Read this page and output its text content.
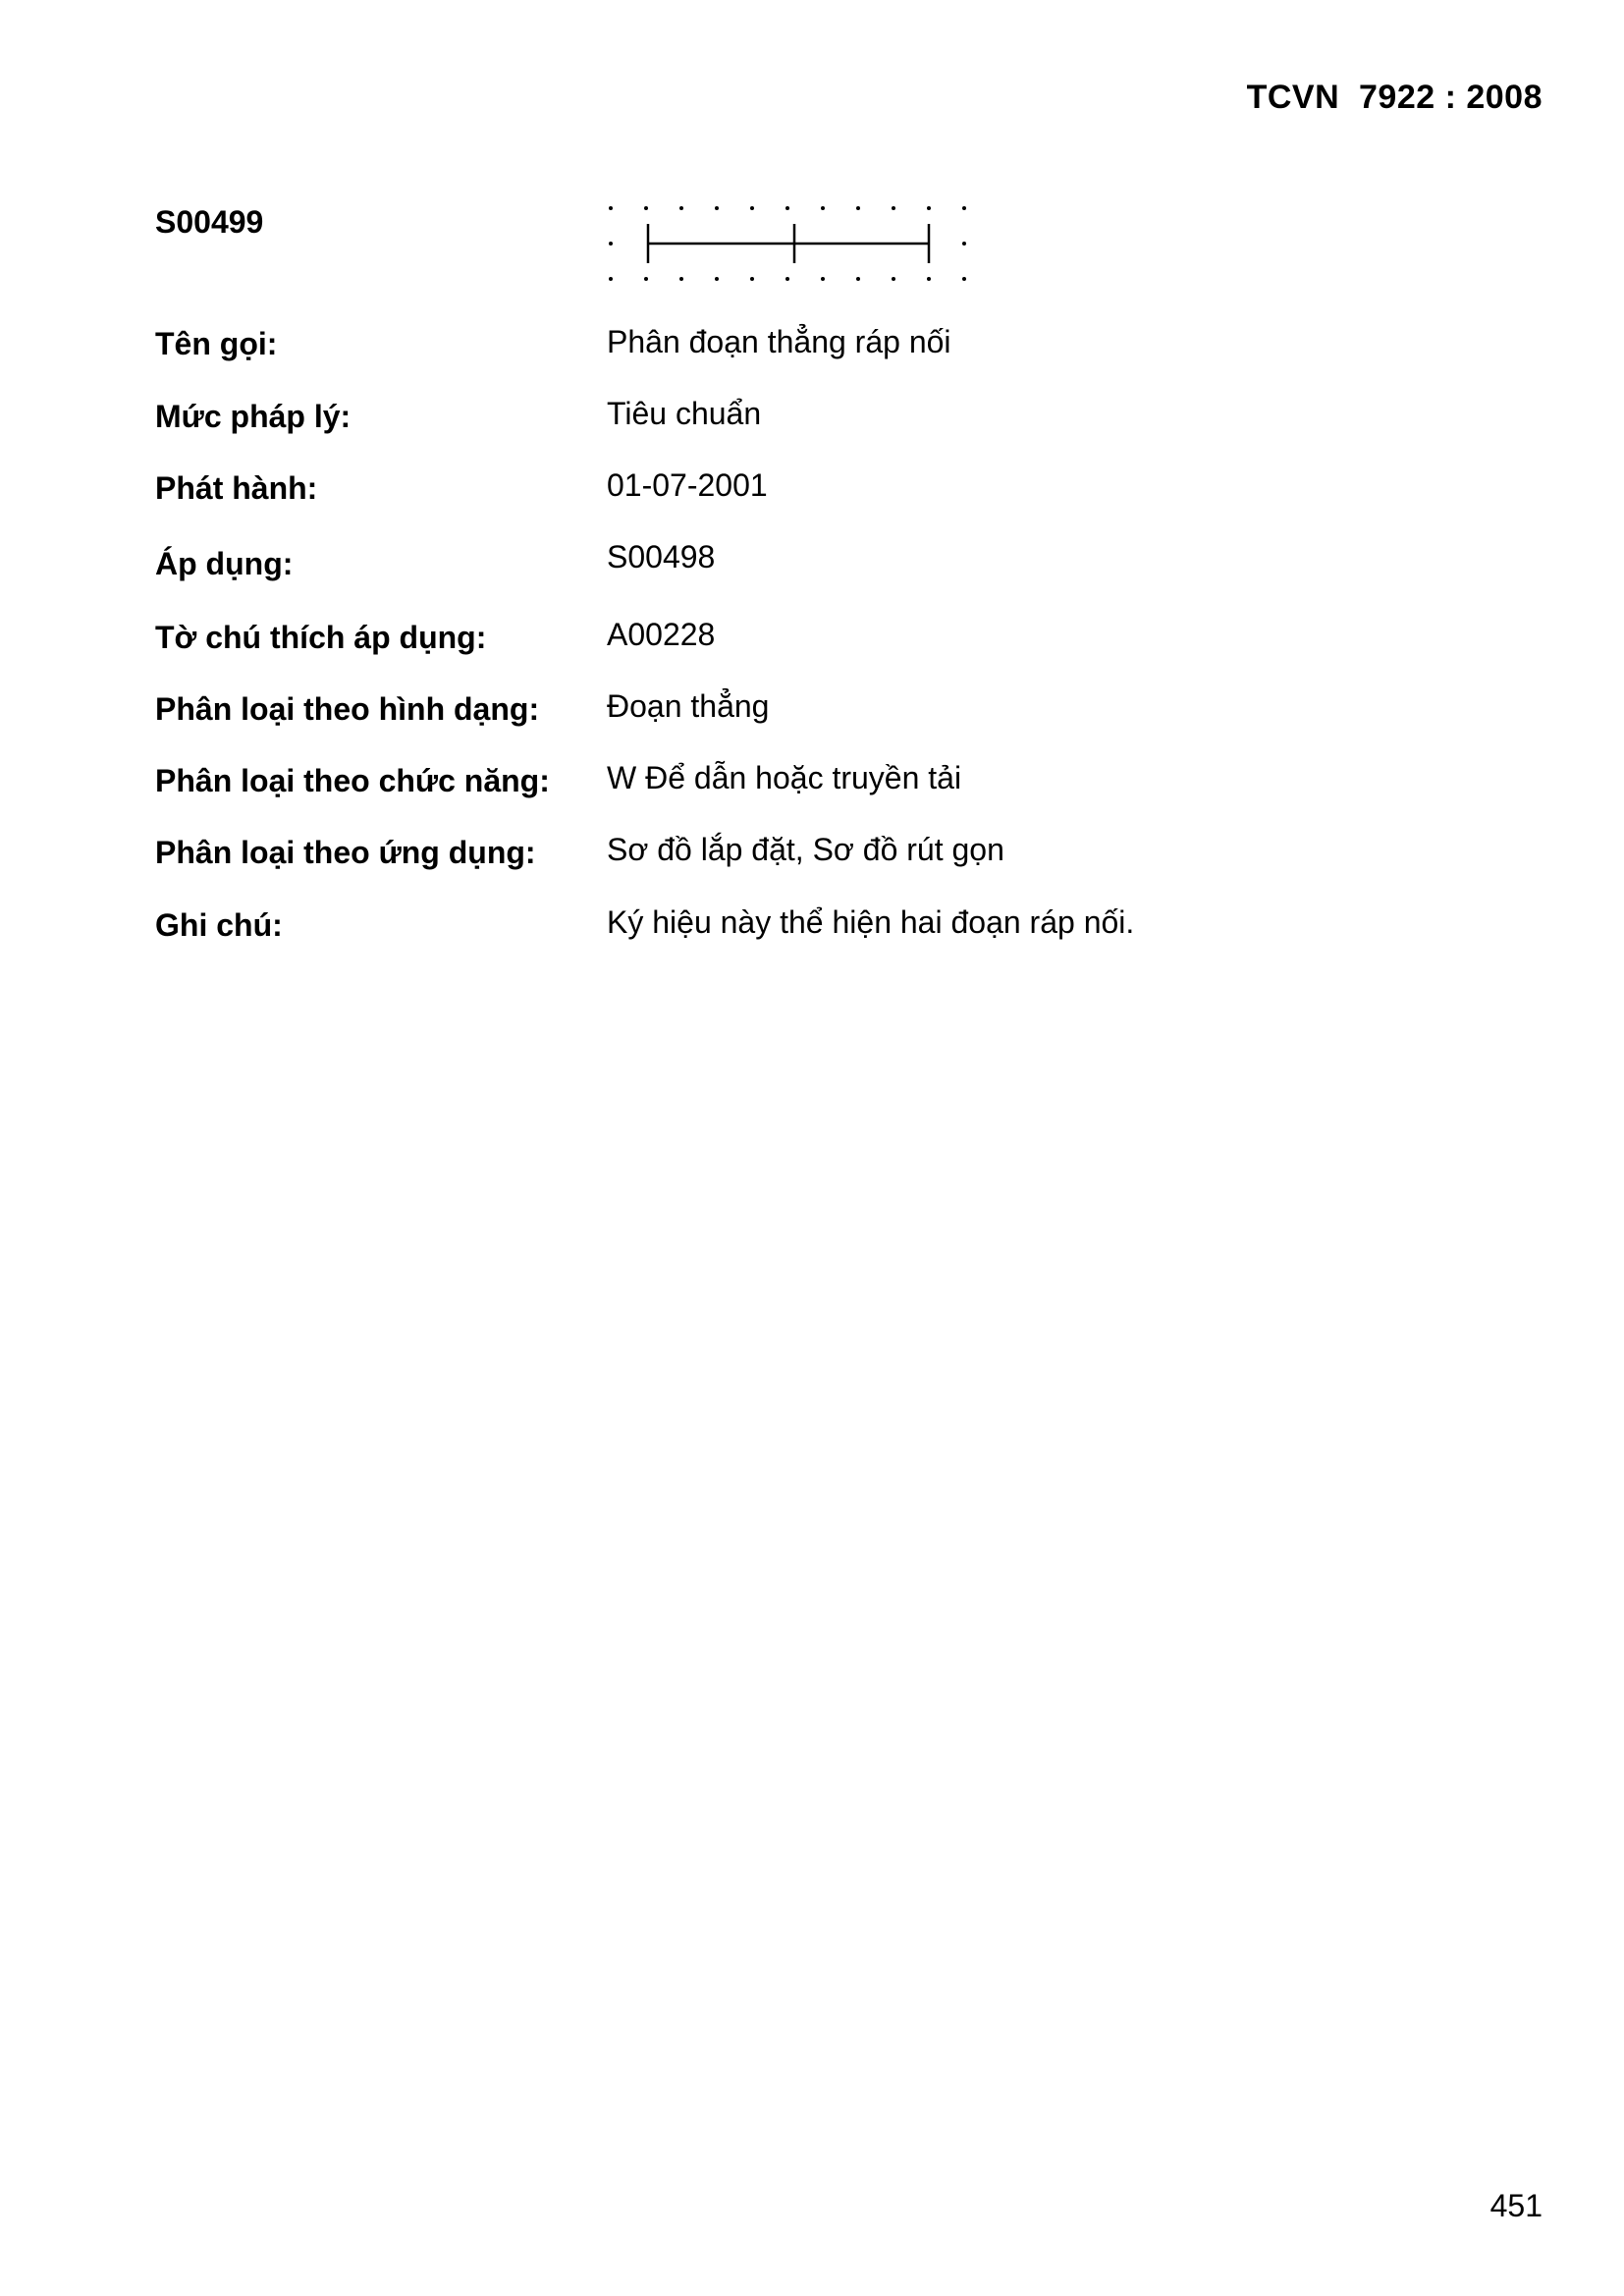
TCVN  7922 : 2008
S00499
Tên gọi:	Phân đoạn thẳng ráp nối
Mức pháp lý:	Tiêu chuẩn
Phát hành:	01-07-2001
Áp dụng:	S00498
Tờ chú thích áp dụng:	A00228
Phân loại theo hình dạng: Đoạn thẳng
Phân loại theo chức năng: W Để dẫn hoặc truyền tải
Phân loại theo ứng dụng: Sơ đồ lắp đặt, Sơ đồ rút gọn
Ghi chú:	Ký hiệu này thể hiện hai đoạn ráp nối.
451
